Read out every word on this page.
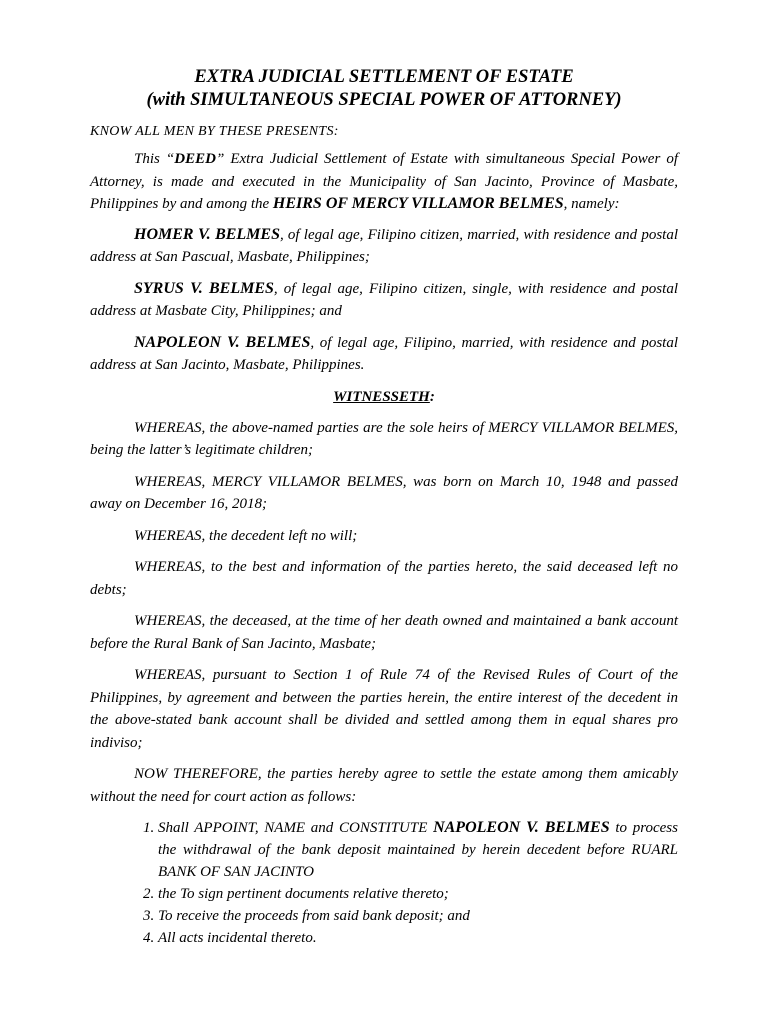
EXTRA JUDICIAL SETTLEMENT OF ESTATE
(with SIMULTANEOUS SPECIAL POWER OF ATTORNEY)
KNOW ALL MEN BY THESE PRESENTS:

This “DEED” Extra Judicial Settlement of Estate with simultaneous Special Power of Attorney, is made and executed in the Municipality of San Jacinto, Province of Masbate, Philippines by and among the HEIRS OF MERCY VILLAMOR BELMES, namely:

HOMER V. BELMES, of legal age, Filipino citizen, married, with residence and postal address at San Pascual, Masbate, Philippines;

SYRUS V. BELMES, of legal age, Filipino citizen, single, with residence and postal address at Masbate City, Philippines; and

NAPOLEON V. BELMES, of legal age, Filipino, married, with residence and postal address at San Jacinto, Masbate, Philippines.

WITNESSETH:

WHEREAS, the above-named parties are the sole heirs of MERCY VILLAMOR BELMES, being the latter’s legitimate children;

WHEREAS, MERCY VILLAMOR BELMES, was born on March 10, 1948 and passed away on December 16, 2018;

WHEREAS, the decedent left no will;

WHEREAS, to the best and information of the parties hereto, the said deceased left no debts;

WHEREAS, the deceased, at the time of her death owned and maintained a bank account before the Rural Bank of San Jacinto, Masbate;

WHEREAS, pursuant to Section 1 of Rule 74 of the Revised Rules of Court of the Philippines, by agreement and between the parties herein, the entire interest of the decedent in the above-stated bank account shall be divided and settled among them in equal shares pro indiviso;

NOW THEREFORE, the parties hereby agree to settle the estate among them amicably without the need for court action as follows:

1. Shall APPOINT, NAME and CONSTITUTE NAPOLEON V. BELMES to process the withdrawal of the bank deposit maintained by herein decedent before RUARL BANK OF SAN JACINTO
2. the To sign pertinent documents relative thereto;
3. To receive the proceeds from said bank deposit; and
4. All acts incidental thereto.
